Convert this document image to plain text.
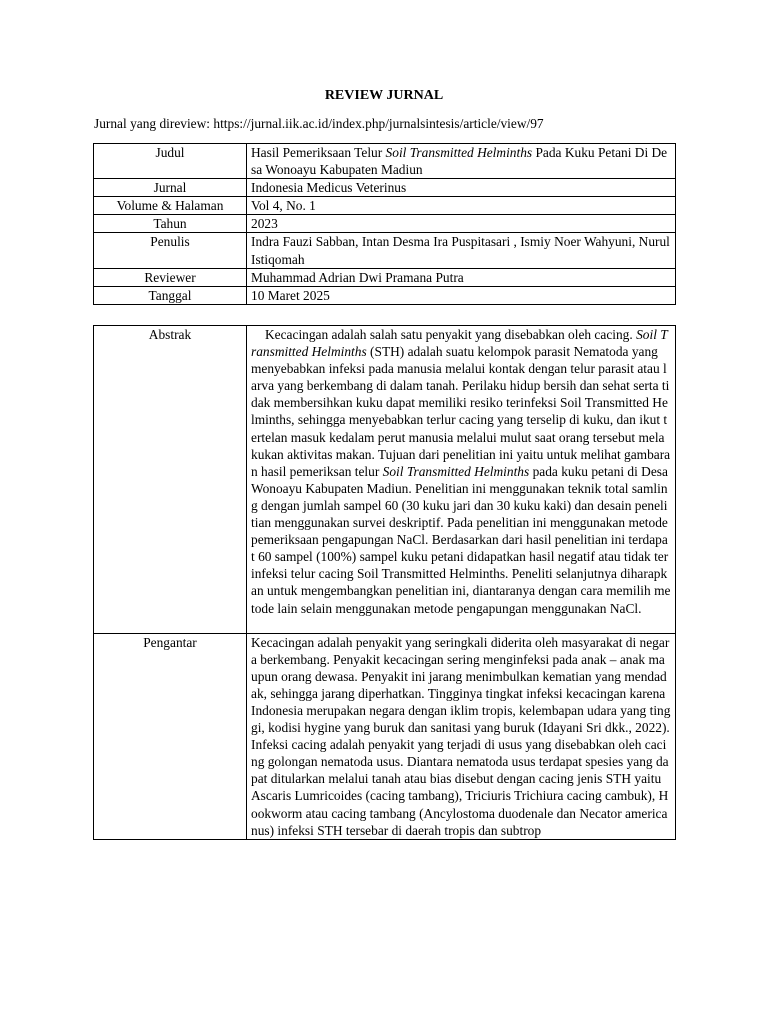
REVIEW JURNAL
Jurnal yang direview: https://jurnal.iik.ac.id/index.php/jurnalsintesis/article/view/97
Judul	Hasil Pemeriksaan Telur Soil Transmitted Helminths Pada Kuku Petani Di Desa Wonoayu Kabupaten Madiun
Jurnal	Indonesia Medicus Veterinus
Volume & Halaman	Vol 4, No. 1
Tahun	2023
Penulis	Indra Fauzi Sabban, Intan Desma Ira Puspitasari , Ismiy Noer Wahyuni, Nurul Istiqomah
Reviewer	Muhammad Adrian Dwi Pramana Putra
Tanggal	10 Maret 2025
Abstrak	Kecacingan adalah salah satu penyakit yang disebabkan oleh cacing. Soil Transmitted Helminths (STH) adalah suatu kelompok parasit Nematoda yang menyebabkan infeksi pada manusia melalui kontak dengan telur parasit atau larva yang berkembang di dalam tanah. Perilaku hidup bersih dan sehat serta tidak membersihkan kuku dapat memiliki resiko terinfeksi Soil Transmitted Helminths, sehingga menyebabkan terlur cacing yang terselip di kuku, dan ikut tertelan masuk kedalam perut manusia melalui mulut saat orang tersebut melakukan aktivitas makan. Tujuan dari penelitian ini yaitu untuk melihat gambaran hasil pemeriksan telur Soil Transmitted Helminths pada kuku petani di Desa Wonoayu Kabupaten Madiun. Penelitian ini menggunakan teknik total samling dengan jumlah sampel 60 (30 kuku jari dan 30 kuku kaki) dan desain penelitian menggunakan survei deskriptif. Pada penelitian ini menggunakan metode pemeriksaan pengapungan NaCl. Berdasarkan dari hasil penelitian ini terdapat 60 sampel (100%) sampel kuku petani didapatkan hasil negatif atau tidak terinfeksi telur cacing Soil Transmitted Helminths. Peneliti selanjutnya diharapkan untuk mengembangkan penelitian ini, diantaranya dengan cara memilih metode lain selain menggunakan metode pengapungan menggunakan NaCl.
Pengantar	Kecacingan adalah penyakit yang seringkali diderita oleh masyarakat di negara berkembang. Penyakit kecacingan sering menginfeksi pada anak – anak maupun orang dewasa. Penyakit ini jarang menimbulkan kematian yang mendadak, sehingga jarang diperhatkan. Tingginya tingkat infeksi kecacingan karena Indonesia merupakan negara dengan iklim tropis, kelembapan udara yang tinggi, kodisi hygine yang buruk dan sanitasi yang buruk (Idayani Sri dkk., 2022). Infeksi cacing adalah penyakit yang terjadi di usus yang disebabkan oleh cacing golongan nematoda usus. Diantara nematoda usus terdapat spesies yang dapat ditularkan melalui tanah atau bias disebut dengan cacing jenis STH yaitu Ascaris Lumricoides (cacing tambang), Triciuris Trichiura cacing cambuk), Hookworm atau cacing tambang (Ancylostoma duodenale dan Necator americanus) infeksi STH tersebar di daerah tropis dan subtrop
